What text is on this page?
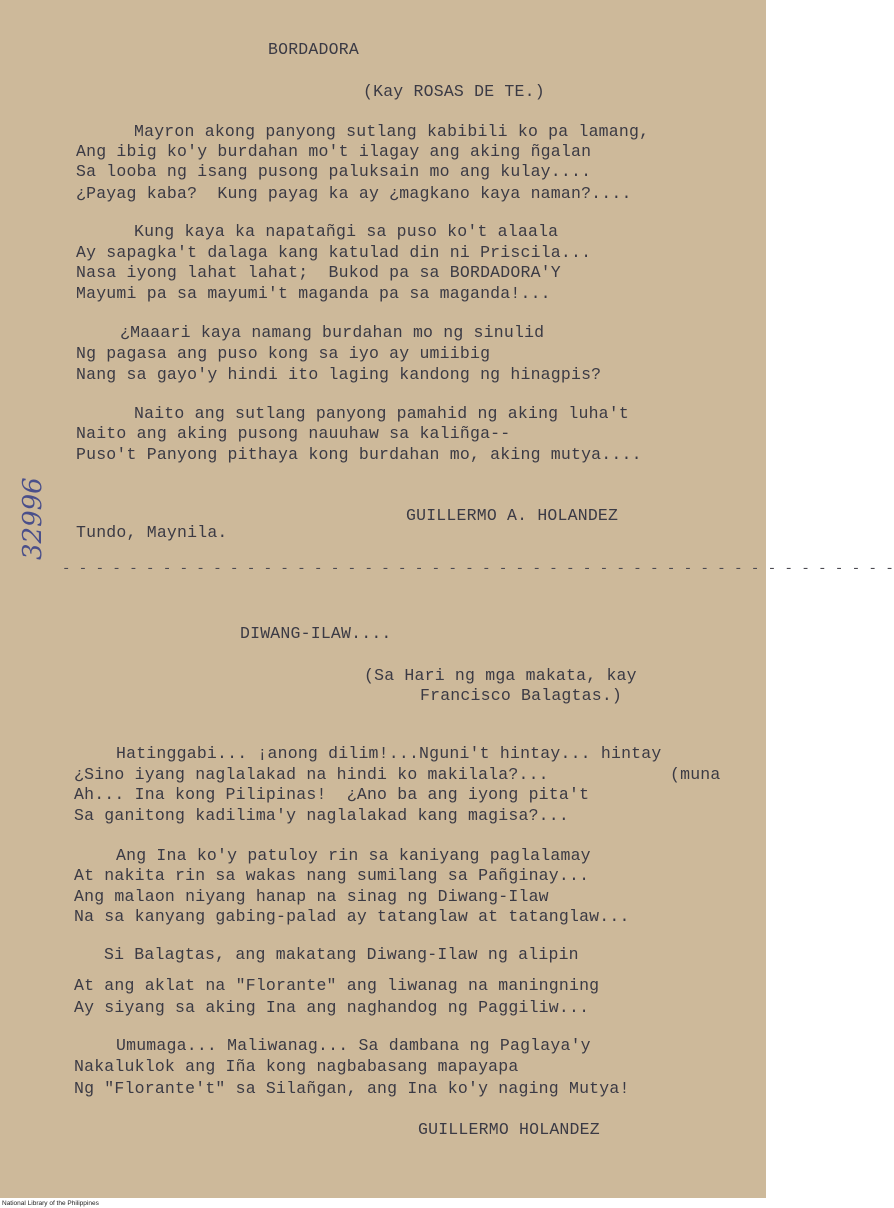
BORDADORA
(Kay ROSAS DE TE.)
Mayron akong panyong sutlang kabibili ko pa lamang,
Ang ibig ko'y burdahan mo't ilagay ang aking ñgalan
Sa looba ng isang pusong paluksain mo ang kulay....
¿Payag kaba?  Kung payag ka ay ¿magkano kaya naman?....
Kung kaya ka napatañgi sa puso ko't alaala
Ay sapagka't dalaga kang katulad din ni Priscila...
Nasa iyong lahat lahat;  Bukod pa sa BORDADORA'Y
Mayumi pa sa mayumi't maganda pa sa maganda!...
¿Maaari kaya namang burdahan mo ng sinulid
Ng pagasa ang puso kong sa iyo ay umiibig
Nang sa gayo'y hindi ito laging kandong ng hinagpis?
Naito ang sutlang panyong pamahid ng aking luha't
Naito ang aking pusong nauuhaw sa kaliñga--
Puso't Panyong pithaya kong burdahan mo, aking mutya....
GUILLERMO A. HOLANDEZ
Tundo, Maynila.
32996
- - - - - - - - - - - - - - - - - - - - - - - - - - - - - - - - - - - - - - - - - - - - - - - - - -
DIWANG-ILAW....
(Sa Hari ng mga makata, kay
Francisco Balagtas.)
Hatinggabi... ¡anong dilim!...Nguni't hintay... hintay
¿Sino iyang naglalakad na hindi ko makilala?...	(muna
Ah... Ina kong Pilipinas!  ¿Ano ba ang iyong pita't
Sa ganitong kadilima'y naglalakad kang magisa?...
Ang Ina ko'y patuloy rin sa kaniyang paglalamay
At nakita rin sa wakas nang sumilang sa Pañginay...
Ang malaon niyang hanap na sinag ng Diwang-Ilaw
Na sa kanyang gabing-palad ay tatanglaw at tatanglaw...
Si Balagtas, ang makatang Diwang-Ilaw ng alipin
At ang aklat na "Florante" ang liwanag na maningning
Ay siyang sa aking Ina ang naghandog ng Paggiliw...
Umumaga... Maliwanag... Sa dambana ng Paglaya'y
Nakaluklok ang Iña kong nagbabasang mapayapa
Ng "Florante't" sa Silañgan, ang Ina ko'y naging Mutya!
GUILLERMO HOLANDEZ
National Library of the Philippines
